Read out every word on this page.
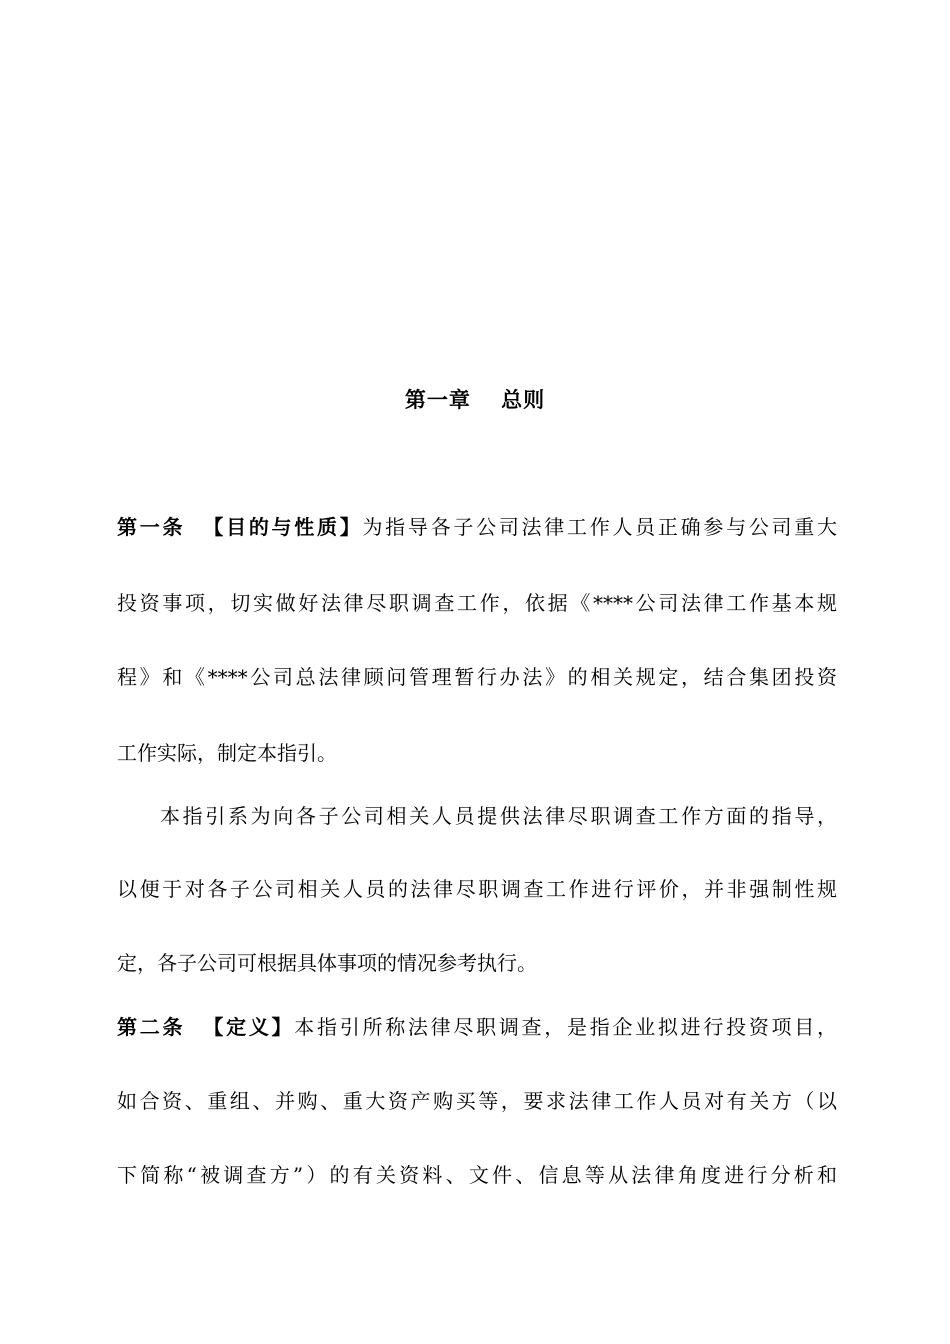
第一章　 总则
第一条 【目的与性质】为指导各子公司法律工作人员正确参与公司重大
投资事项，切实做好法律尽职调查工作，依据《****公司法律工作基本规
程》和《****公司总法律顾问管理暂行办法》的相关规定，结合集团投资
工作实际，制定本指引。
本指引系为向各子公司相关人员提供法律尽职调查工作方面的指导，
以便于对各子公司相关人员的法律尽职调查工作进行评价，并非强制性规
定，各子公司可根据具体事项的情况参考执行。
第二条 【定义】本指引所称法律尽职调查，是指企业拟进行投资项目，
如合资、重组、并购、重大资产购买等，要求法律工作人员对有关方（以
下简称“被调查方”）的有关资料、文件、信息等从法律角度进行分析和
